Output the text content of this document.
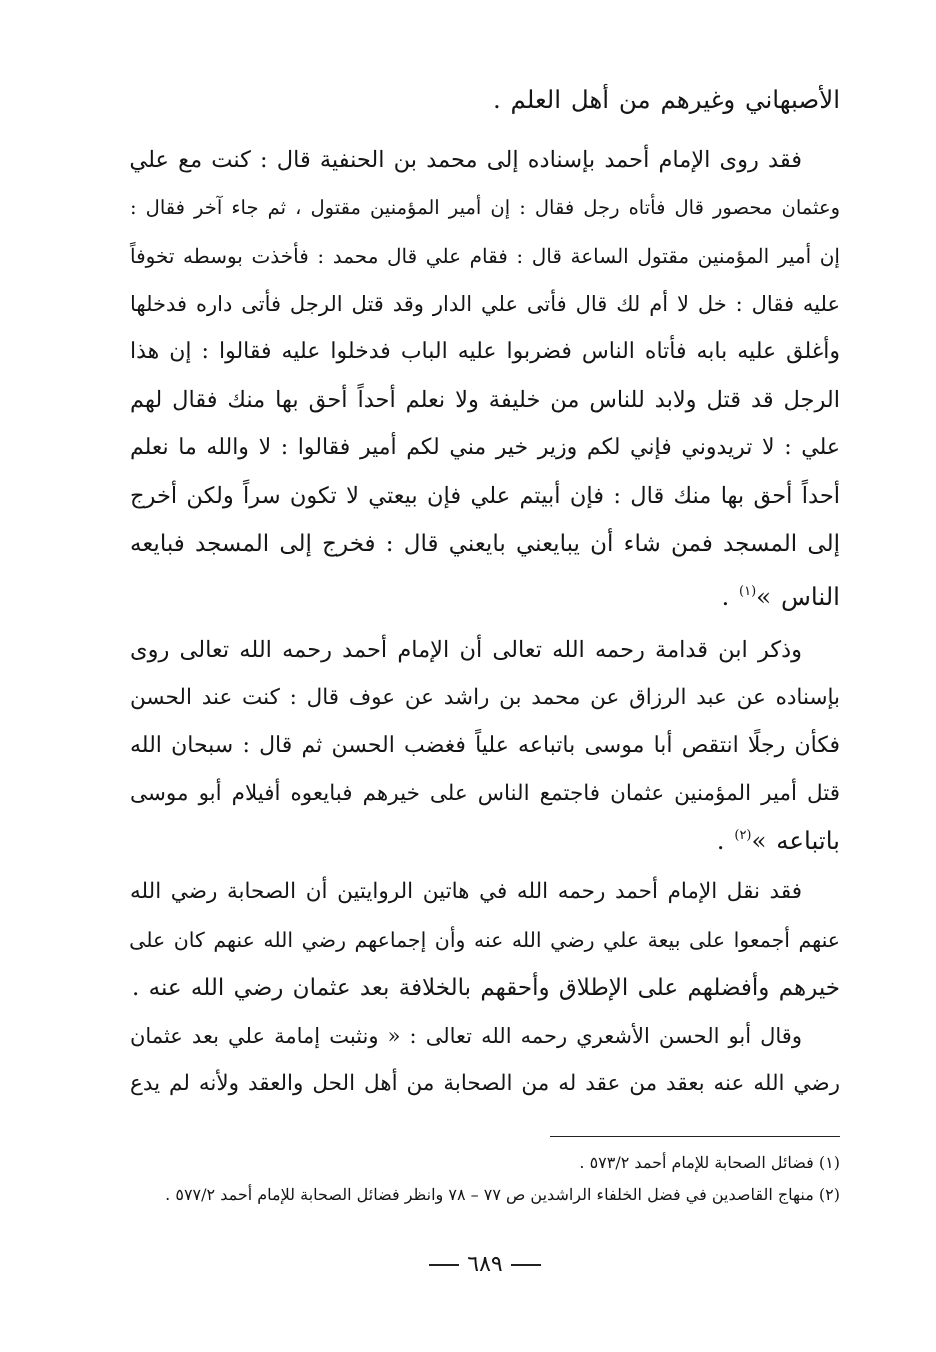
الأصبهاني وغيرهم من أهل العلم .
فقد روى الإمام أحمد بإسناده إلى محمد بن الحنفية قال : كنت مع علي
وعثمان محصور قال فأتاه رجل فقال : إن أمير المؤمنين مقتول ، ثم جاء آخر فقال :
إن أمير المؤمنين مقتول الساعة قال : فقام علي قال محمد : فأخذت بوسطه تخوفاً
عليه فقال : خل لا أم لك قال فأتى علي الدار وقد قتل الرجل فأتى داره فدخلها
وأغلق عليه بابه فأتاه الناس فضربوا عليه الباب فدخلوا عليه فقالوا : إن هذا
الرجل قد قتل ولابد للناس من خليفة ولا نعلم أحداً أحق بها منك فقال لهم
علي : لا تريدوني فإني لكم وزير خير مني لكم أمير فقالوا : لا والله ما نعلم
أحداً أحق بها منك قال : فإن أبيتم علي فإن بيعتي لا تكون سراً ولكن أخرج
إلى المسجد فمن شاء أن يبايعني بايعني قال : فخرج إلى المسجد فبايعه
الناس »$^{(١)}$ .
وذكر ابن قدامة رحمه الله تعالى أن الإمام أحمد رحمه الله تعالى روى
بإسناده عن عبد الرزاق عن محمد بن راشد عن عوف قال : كنت عند الحسن
فكأن رجلًا انتقص أبا موسى باتباعه علياً فغضب الحسن ثم قال : سبحان الله
قتل أمير المؤمنين عثمان فاجتمع الناس على خيرهم فبايعوه أفيلام أبو موسى
باتباعه »$^{(٢)}$ .
فقد نقل الإمام أحمد رحمه الله في هاتين الروايتين أن الصحابة رضي الله
عنهم أجمعوا على بيعة علي رضي الله عنه وأن إجماعهم رضي الله عنهم كان على
خيرهم وأفضلهم على الإطلاق وأحقهم بالخلافة بعد عثمان رضي الله عنه .
وقال أبو الحسن الأشعري رحمه الله تعالى : « ونثبت إمامة علي بعد عثمان
رضي الله عنه بعقد من عقد له من الصحابة من أهل الحل والعقد ولأنه لم يدع
(١) فضائل الصحابة للإمام أحمد ٥٧٣/٢ .
(٢) منهاج القاصدين في فضل الخلفاء الراشدين ص ٧٧ – ٧٨ وانظر فضائل الصحابة للإمام أحمد ٥٧٧/٢ .
٦٨٩
